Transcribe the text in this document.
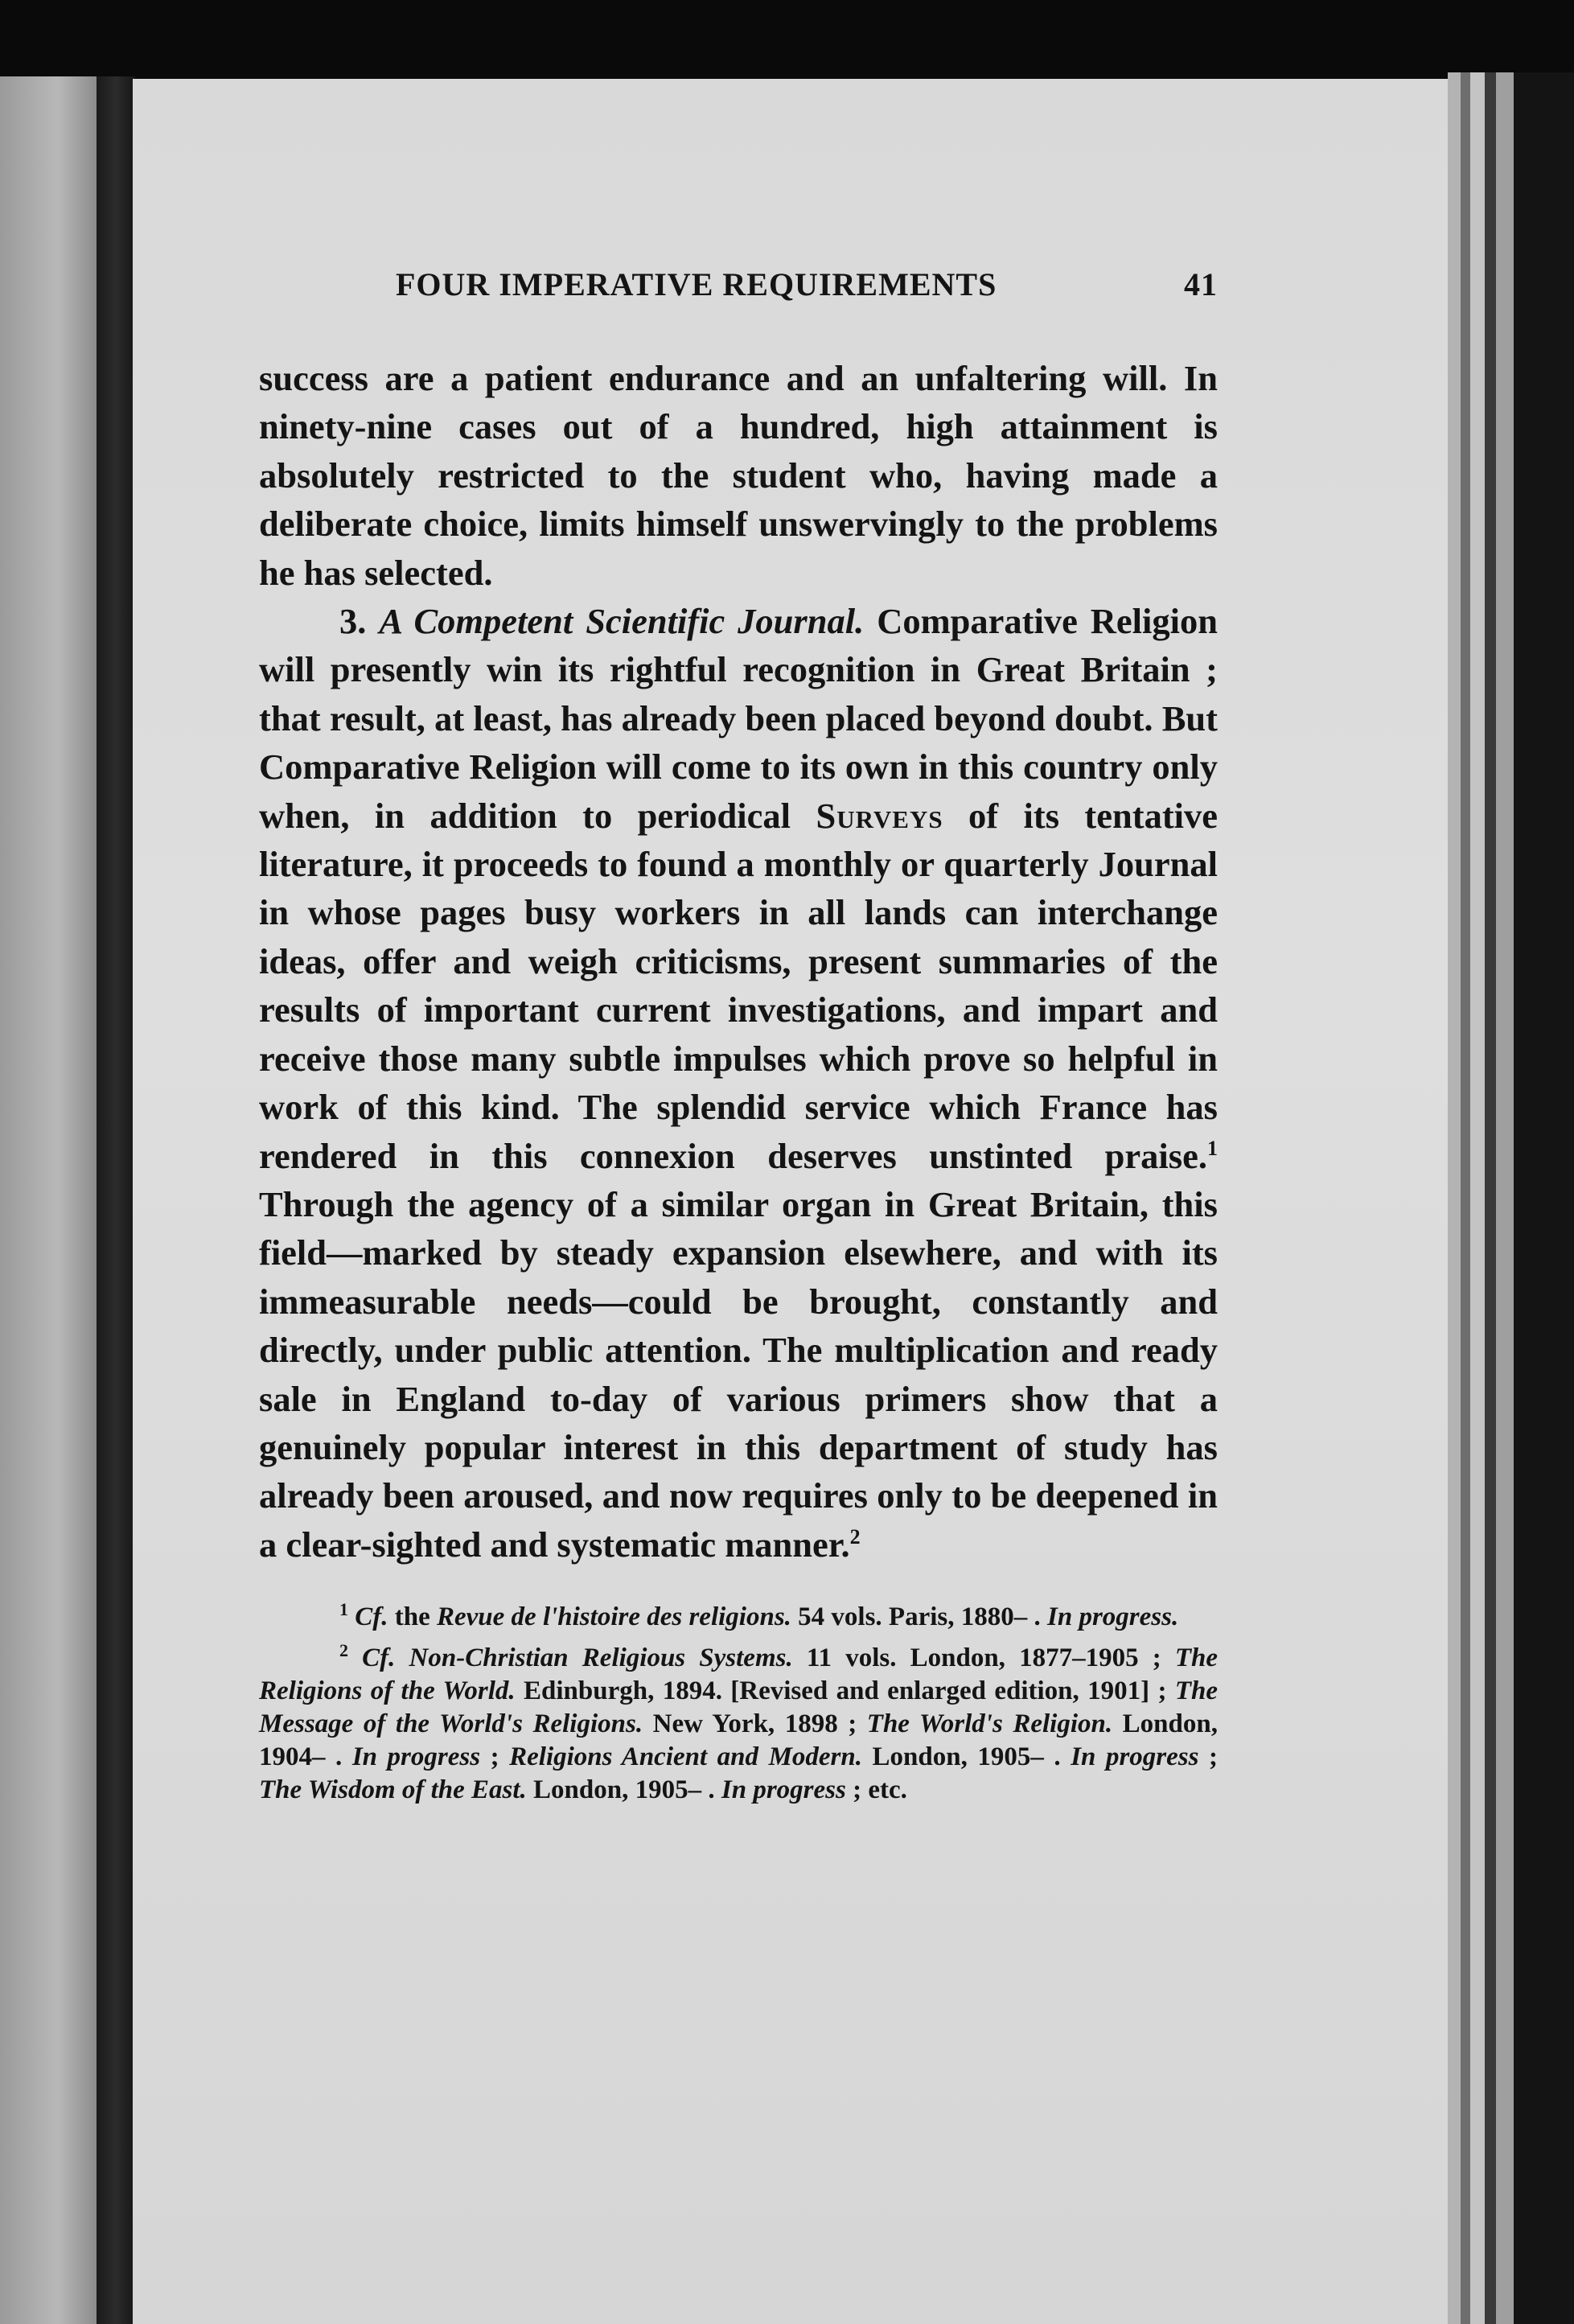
FOUR IMPERATIVE REQUIREMENTS	41

success are a patient endurance and an unfaltering will. In ninety-nine cases out of a hundred, high attainment is absolutely restricted to the student who, having made a deliberate choice, limits himself unswervingly to the problems he has selected.

3. A Competent Scientific Journal. Comparative Religion will presently win its rightful recognition in Great Britain ; that result, at least, has already been placed beyond doubt. But Comparative Religion will come to its own in this country only when, in addition to periodical Surveys of its tentative literature, it proceeds to found a monthly or quarterly Journal in whose pages busy workers in all lands can interchange ideas, offer and weigh criticisms, present summaries of the results of important current investigations, and impart and receive those many subtle impulses which prove so helpful in work of this kind. The splendid service which France has rendered in this connexion deserves unstinted praise.$^1$ Through the agency of a similar organ in Great Britain, this field—marked by steady expansion elsewhere, and with its immeasurable needs—could be brought, constantly and directly, under public attention. The multiplication and ready sale in England to-day of various primers show that a genuinely popular interest in this department of study has already been aroused, and now requires only to be deepened in a clear-sighted and systematic manner.$^2$

$^1$ Cf. the Revue de l'histoire des religions. 54 vols. Paris, 1880– . In progress.

$^2$ Cf. Non-Christian Religious Systems. 11 vols. London, 1877–1905 ; The Religions of the World. Edinburgh, 1894. [Revised and enlarged edition, 1901] ; The Message of the World's Religions. New York, 1898 ; The World's Religion. London, 1904– . In progress ; Religions Ancient and Modern. London, 1905– . In progress ; The Wisdom of the East. London, 1905– . In progress ; etc.
